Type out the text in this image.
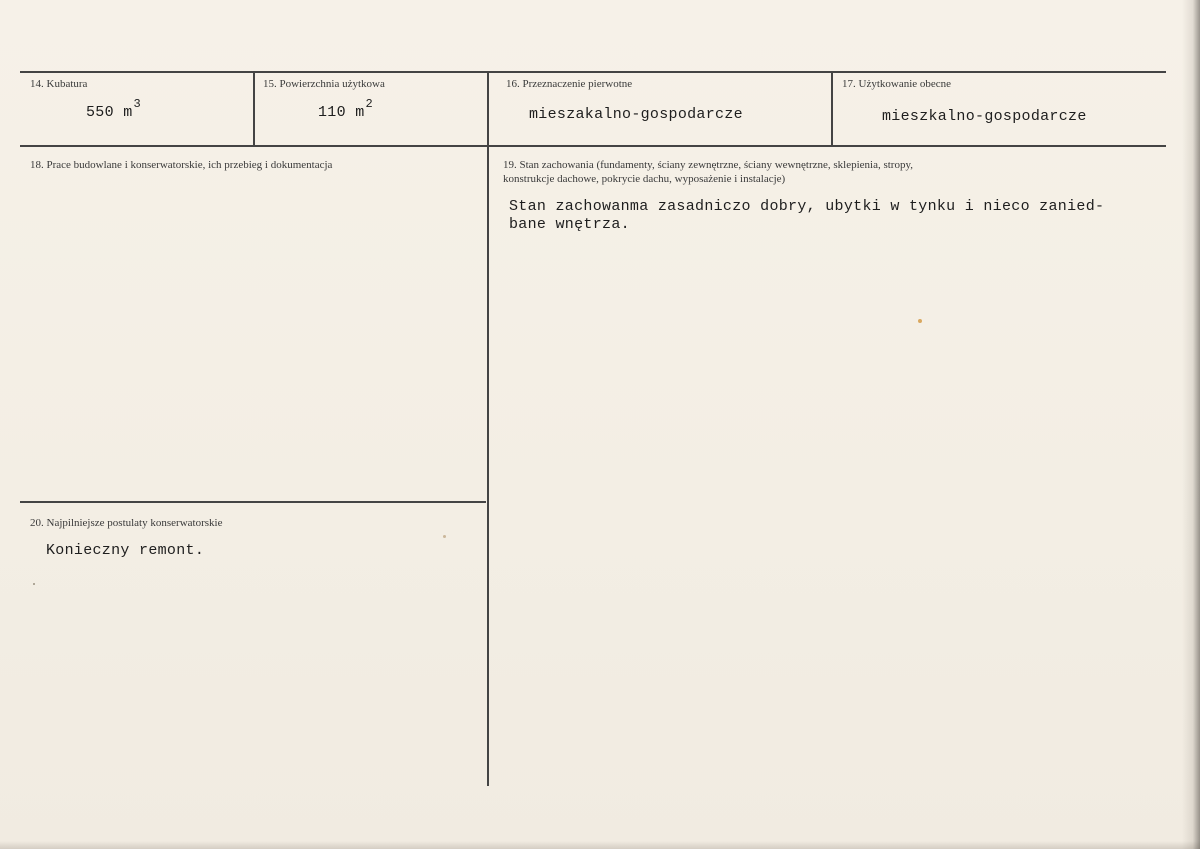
14. Kubatura
550 $m^3$
15. Powierzchnia użytkowa
110 $m^2$
16. Przeznaczenie pierwotne
mieszakalno-gospodarcze
17. Użytkowanie obecne
mieszkalno-gospodarcze
18. Prace budowlane i konserwatorskie, ich przebieg i dokumentacja	19. Stan zachowania (fundamenty, ściany zewnętrzne, ściany wewnętrzne, sklepienia, stropy,
konstrukcje dachowe, pokrycie dachu, wyposażenie i instalacje)
Stan zachowanma zasadniczo dobry, ubytki w tynku i nieco zanied-
bane wnętrza.
20. Najpilniejsze postulaty konserwatorskie
Konieczny remont.
